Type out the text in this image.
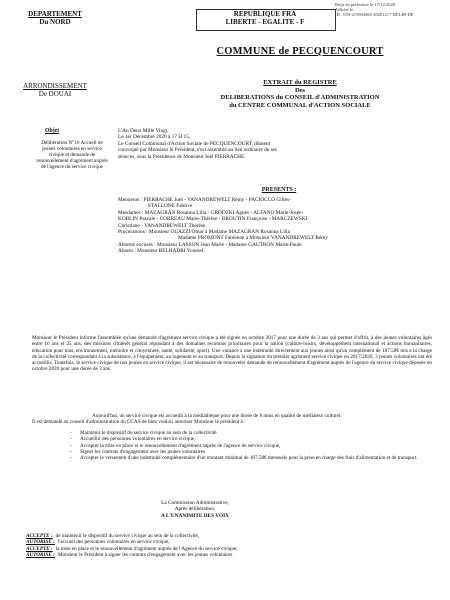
Reçu en préfecture le 17/12/2020
Affiché le
ID : 059-215904565-20201217-DELIB-DE
DEPARTEMENT
Du NORD
ARRONDISSEMENT
De DOUAI
REPUBLIQUE FRA
LIBERTE - EGALITE - F
COMMUNE de PECQUENCOURT
EXTRAIT du REGISTRE
Des
DELIBERATIONS du CONSEIL d'ADMINISTRATION
du CENTRE COMMUNAL d'ACTION SOCIALE
Objet
Délibération N°16 Accueil de jeunes volontaires en service civique et demande de renouvellement d'agrément auprès de l'agence du service civique
L'An Deux Mille Vingt,
Le 1er Décembre 2020 à 17 H 15,
Le Conseil Communal d'Action Sociale de PECQUENCOURT, dûment
convoqué par Monsieur le Président, s'est assemblé au lieu ordinaire de ses
séances, sous la Présidence de Monsieur Joël PIERRACHE.
PRESENTS :
Messieurs : PIERRACHE Joël - VANANDREWELT Rémy - PACIOCCO Gilles-
STALLONE Fabrice
Mesdames : MAZAGRAN Rosanna Lilia - GRODZKI Agnès - ALFANO Marie-Josée-
KOBLIN Pascale - CORREAU Marie-Thérèse - BROUTIN Françoise - MARCZEWSKI
Christiane - VANANDREWELT Thérèse.
Procurations : Monsieur OUAZZI Omar à Madame MAZAGRAN Rosanna Lilia
Madame FROMONT Fabienne à Monsieur VANANDREWELT Rémy
Absents excusés : Monsieur LASSON Jean Marie - Madame GAUTRON Marie-Paule
Absent : Monsieur BELHADRI Youssef.
Monsieur le Président informe l'assemblée qu'une demande d'agrément service civique a été signée en octobre 2017 pour une durée de 3 ans qui permet d'offrir, à des jeunes volontaires âgés entre 16 ans et 25 ans, des missions d'intérêt général répondant à des domaines reconnus prioritaires pour la nation (culture-loisirs, développement international et actions humanitaires, éducation pour tous, environnement, mémoire et citoyenneté, santé, solidarité, sport). Une vacance à une indemnité directement aux jeunes ainsi qu'un complément de 107.58€ mis à la charge de la collectivité correspondant à la subsistance, à l'équipement, au logement et au transport. Depuis la signature du premier agrément service civique en 2017/2020, 3 jeunes volontaires ont été accueillis. Toutefois, le service civique de nos jeunes en service civique, il est nécessaire de renouveler demande de renouvellement d'agrément auprès de l'agence du service civique déposée en octobre 2020 pour une durée de 3 ans.
Aujourd'hui, un service civique est accueilli à la médiathèque pour une durée de 8 mois en qualité de médiateur culturel.
Il est demandé au conseil d'administration du CCAS de bien vouloir autoriser Monsieur le président à :
- Maintenir le dispositif du service civique au sein de la collectivité
- Accueillir des personnes volontaires en service civique,
- Accepter la mise en place et le renouvellement d'agrément auprès de l'agence du service civique,
- Signer les contrats d'engagement avec les jeunes volontaires
- Accepter le versement d'une indemnité complémentaire d'un montant minimal de 107.58€ mensuels pour la prise en charge des frais d'alimentation et de transport.
La Commission Administrative,
Après délibération,
A L'UNANIMITE DES VOIX
ACCEPTE : de maintenir le dispositif du service civique au sein de la collectivité,
AUTORISE : l'accueil des personnes volontaires en service civique,
ACCEPTE : la mise en place et le renouvellement d'agrément auprès de l'Agence du service civique,
AUTORISE : Monsieur le Président à signer les contrats d'engagement avec les jeunes volontaires
